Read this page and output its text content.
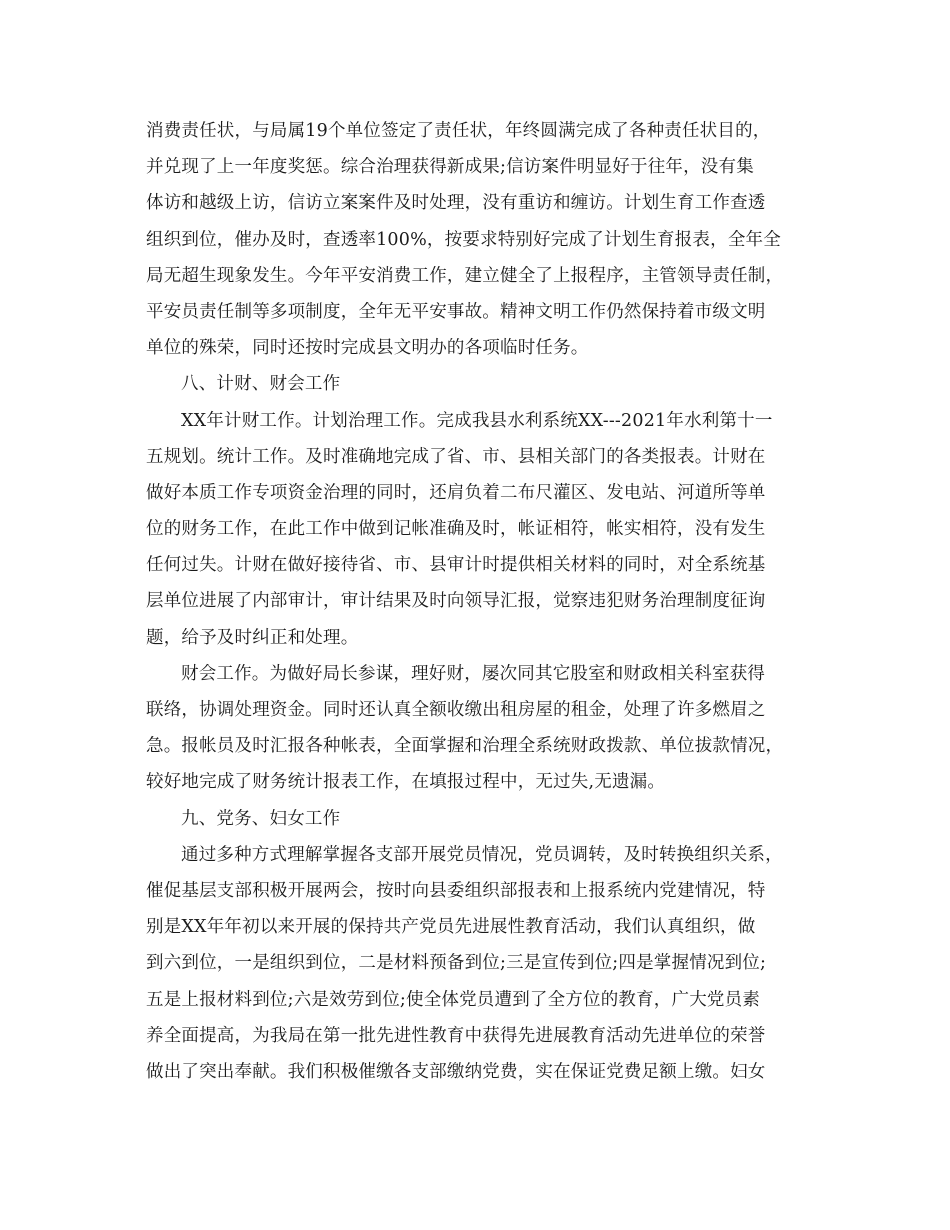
消费责任状，与局属19个单位签定了责任状，年终圆满完成了各种责任状目的，
并兑现了上一年度奖惩。综合治理获得新成果;信访案件明显好于往年，没有集
体访和越级上访，信访立案案件及时处理，没有重访和缠访。计划生育工作查透
组织到位，催办及时，查透率100%，按要求特别好完成了计划生育报表，全年全
局无超生现象发生。今年平安消费工作，建立健全了上报程序，主管领导责任制，
平安员责任制等多项制度，全年无平安事故。精神文明工作仍然保持着市级文明
单位的殊荣，同时还按时完成县文明办的各项临时任务。
八、计财、财会工作
XX年计财工作。计划治理工作。完成我县水利系统XX---2021年水利第十一
五规划。统计工作。及时准确地完成了省、市、县相关部门的各类报表。计财在
做好本质工作专项资金治理的同时，还肩负着二布尺灌区、发电站、河道所等单
位的财务工作，在此工作中做到记帐准确及时，帐证相符，帐实相符，没有发生
任何过失。计财在做好接待省、市、县审计时提供相关材料的同时，对全系统基
层单位进展了内部审计，审计结果及时向领导汇报，觉察违犯财务治理制度征询
题，给予及时纠正和处理。
财会工作。为做好局长参谋，理好财，屡次同其它股室和财政相关科室获得
联络，协调处理资金。同时还认真全额收缴出租房屋的租金，处理了许多燃眉之
急。报帐员及时汇报各种帐表，全面掌握和治理全系统财政拨款、单位拔款情况，
较好地完成了财务统计报表工作，在填报过程中，无过失,无遗漏。
九、党务、妇女工作
通过多种方式理解掌握各支部开展党员情况，党员调转，及时转换组织关系，
催促基层支部积极开展两会，按时向县委组织部报表和上报系统内党建情况，特
别是XX年年初以来开展的保持共产党员先进展性教育活动，我们认真组织，做
到六到位，一是组织到位，二是材料预备到位;三是宣传到位;四是掌握情况到位;
五是上报材料到位;六是效劳到位;使全体党员遭到了全方位的教育，广大党员素
养全面提高，为我局在第一批先进性教育中获得先进展教育活动先进单位的荣誉
做出了突出奉献。我们积极催缴各支部缴纳党费，实在保证党费足额上缴。妇女
